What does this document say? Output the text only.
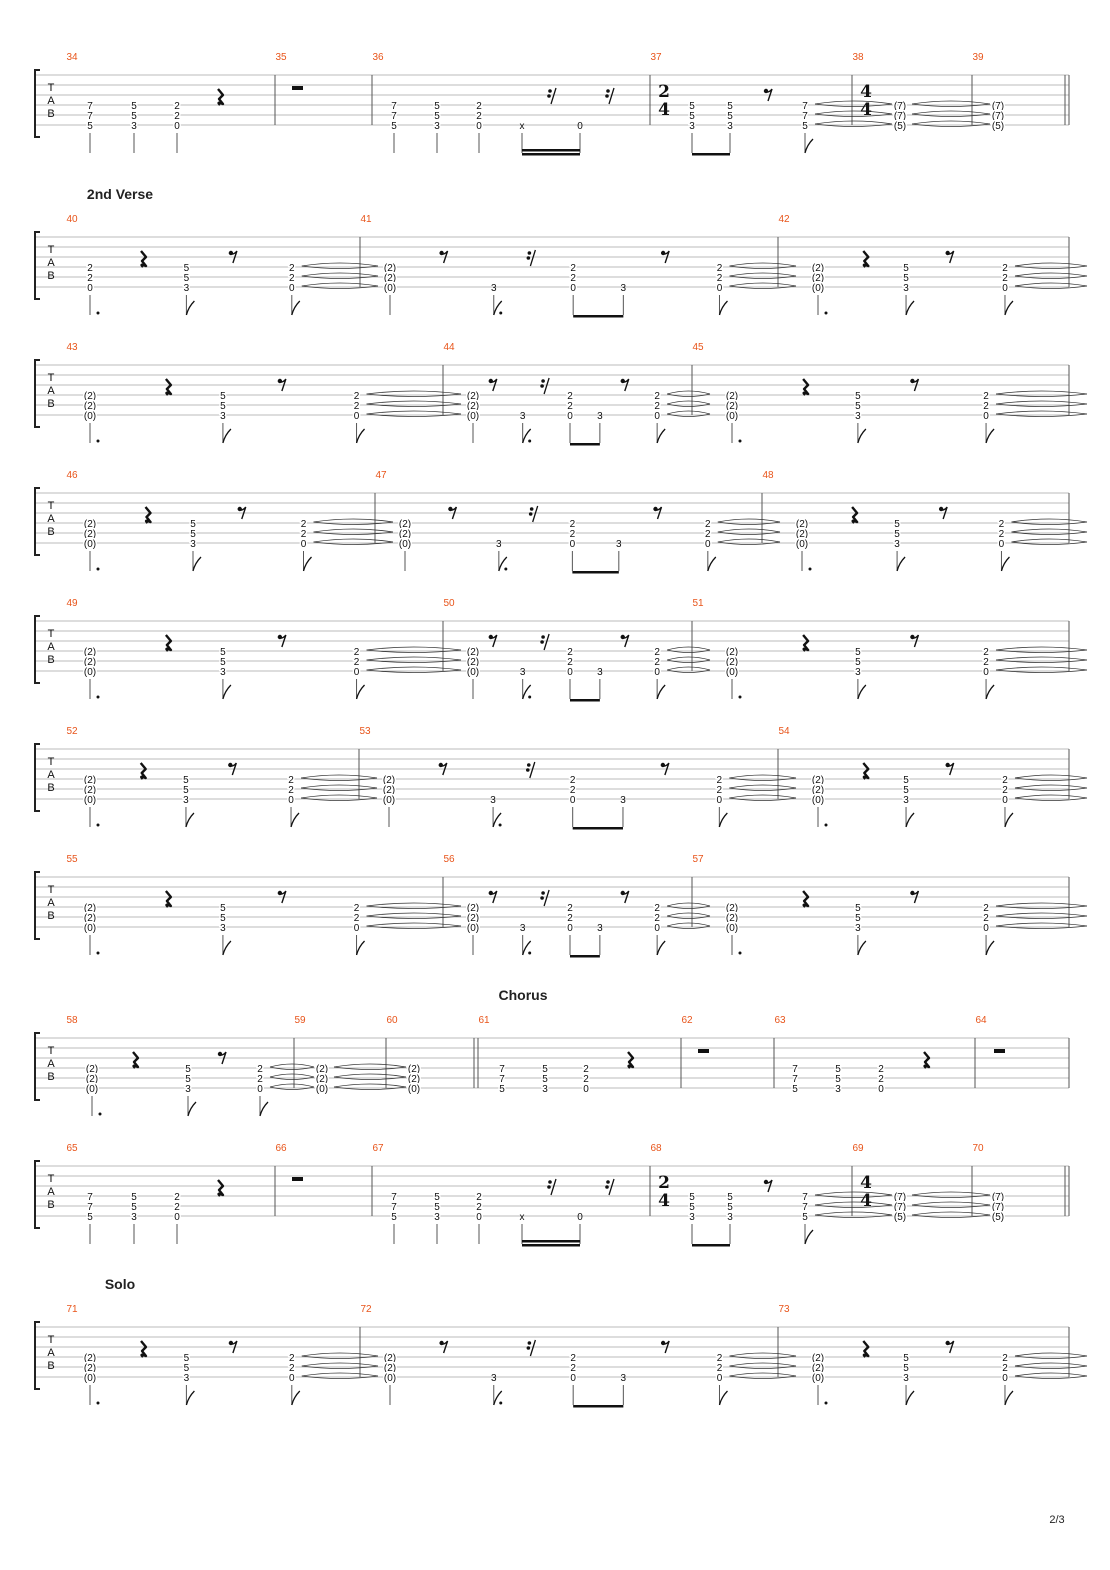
T
A
B
34	35	36	37	38	39
7
7
5
5
5
3
2
2
0
7
7
5
5
5
3
2
2
0	x	0
2
4 5
5
3
5
5
3
7
7
5
4
4 (7)
(7)
(5)
(7)
(7)
(5)
2nd Verse
T
A
B
40	41	42
2
2
0
5
5
3
2
2
0
(2)
(2)
(0)	3
2
2
0	3
2
2
0
(2)
(2)
(0)
5
5
3
2
2
0
T
A
B
43	44	45
(2)
(2)
(0)
5
5
3
2
2
0
(2)
(2)
(0)	3
2
2
0 3
2
2
0
(2)
(2)
(0)
5
5
3
2
2
0
T
A
B
46	47	48
(2)
(2)
(0)
5
5
3
2
2
0
(2)
(2)
(0)	3
2
2
0	3
2
2
0
(2)
(2)
(0)
5
5
3
2
2
0
T
A
B
49	50	51
(2)
(2)
(0)
5
5
3
2
2
0
(2)
(2)
(0)	3
2
2
0 3
2
2
0
(2)
(2)
(0)
5
5
3
2
2
0
T
A
B
52	53	54
(2)
(2)
(0)
5
5
3
2
2
0
(2)
(2)
(0)	3
2
2
0	3
2
2
0
(2)
(2)
(0)
5
5
3
2
2
0
T
A
B
55	56	57
(2)
(2)
(0)
5
5
3
2
2
0
(2)
(2)
(0)	3
2
2
0 3
2
2
0
(2)
(2)
(0)
5
5
3
2
2
0
Chorus
T
A
B
58	59	60	61	62	63	64
(2)
(2)
(0)
5
5
3
2
2
0
(2)
(2)
(0)
(2)
(2)
(0)
7
7
5
5
5
3
2
2
0
7
7
5
5
5
3
2
2
0
T
A
B
65	66	67	68	69	70
7
7
5
5
5
3
2
2
0
7
7
5
5
5
3
2
2
0	x	0
2
4 5
5
3
5
5
3
7
7
5
4
4 (7)
(7)
(5)
(7)
(7)
(5)
Solo
T
A
B
71	72	73
(2)
(2)
(0)
5
5
3
2
2
0
(2)
(2)
(0)	3
2
2
0	3
2
2
0
(2)
(2)
(0)
5
5
3
2
2
0
2/3
